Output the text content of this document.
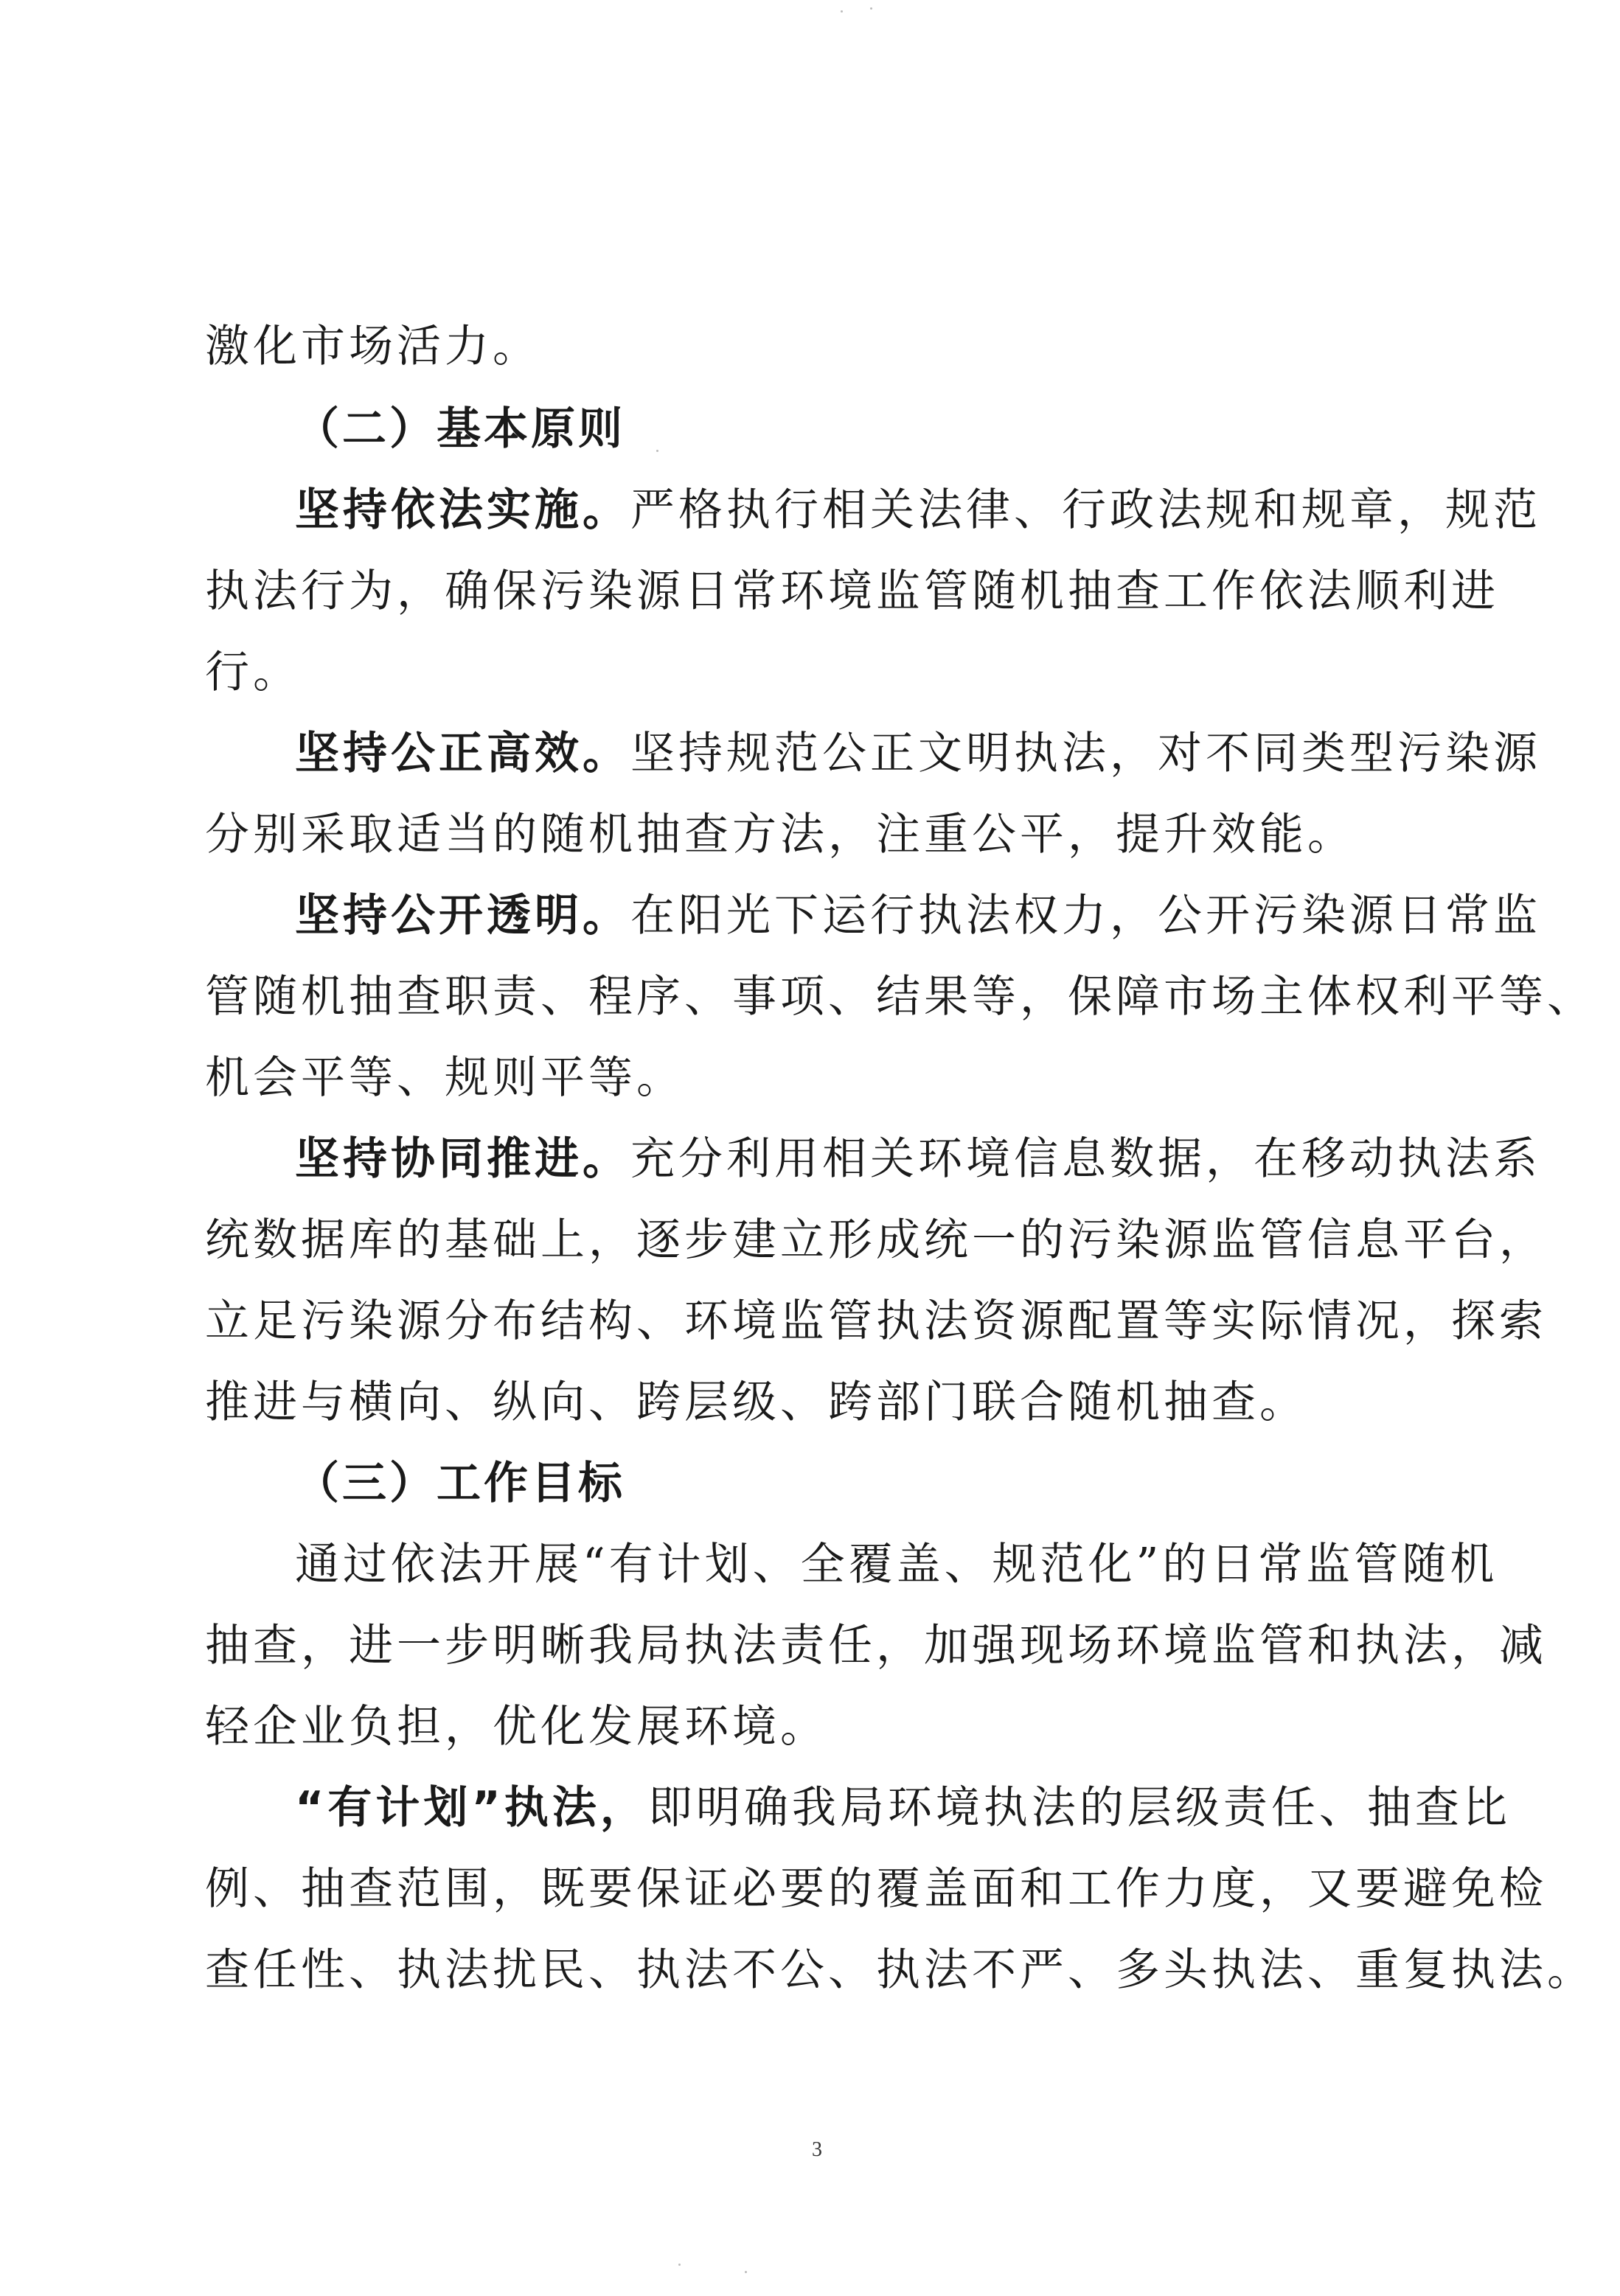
激化市场活力。
（二）基本原则
坚持依法实施。严格执行相关法律、行政法规和规章，规范
执法行为，确保污染源日常环境监管随机抽查工作依法顺利进
行。
坚持公正高效。坚持规范公正文明执法，对不同类型污染源
分别采取适当的随机抽查方法，注重公平，提升效能。
坚持公开透明。在阳光下运行执法权力，公开污染源日常监
管随机抽查职责、程序、事项、结果等，保障市场主体权利平等、
机会平等、规则平等。
坚持协同推进。充分利用相关环境信息数据，在移动执法系
统数据库的基础上，逐步建立形成统一的污染源监管信息平台，
立足污染源分布结构、环境监管执法资源配置等实际情况，探索
推进与横向、纵向、跨层级、跨部门联合随机抽查。
（三）工作目标
通过依法开展“有计划、全覆盖、规范化”的日常监管随机
抽查，进一步明晰我局执法责任，加强现场环境监管和执法，减
轻企业负担，优化发展环境。
“有计划”执法，即明确我局环境执法的层级责任、抽查比
例、抽查范围，既要保证必要的覆盖面和工作力度，又要避免检
查任性、执法扰民、执法不公、执法不严、多头执法、重复执法。
3
